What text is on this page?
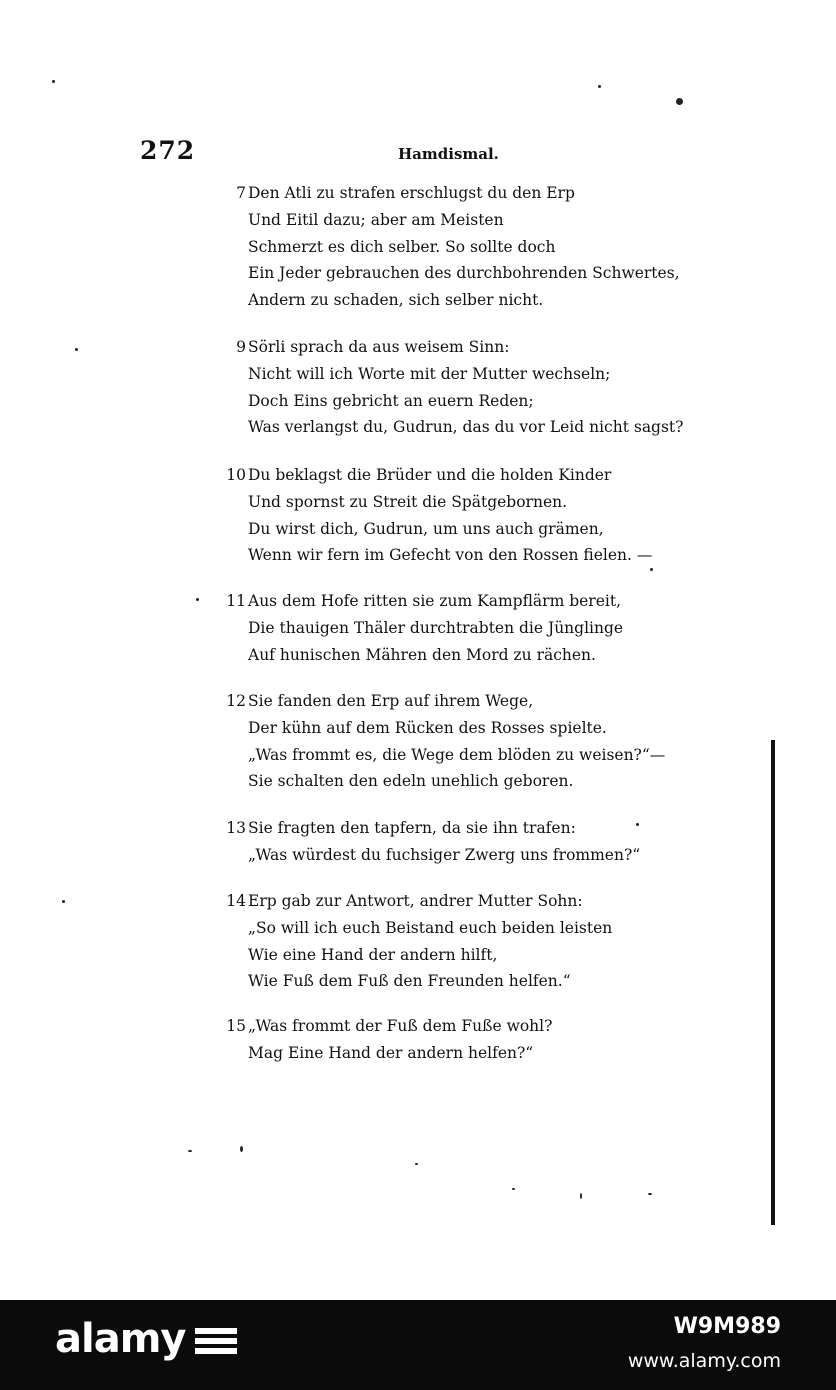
272	Hamdismal.
7 Den Atli zu strafen erschlugst du den Erp
Und Eitil dazu; aber am Meisten
Schmerzt es dich selber. So sollte doch
Ein Jeder gebrauchen des durchbohrenden Schwertes,
Andern zu schaden, sich selber nicht.
9 Sörli sprach da aus weisem Sinn:
Nicht will ich Worte mit der Mutter wechseln;
Doch Eins gebricht an euern Reden;
Was verlangst du, Gudrun, das du vor Leid nicht sagst?
10 Du beklagst die Brüder und die holden Kinder
Und spornst zu Streit die Spätgebornen.
Du wirst dich, Gudrun, um uns auch grämen,
Wenn wir fern im Gefecht von den Rossen fielen. —
11 Aus dem Hofe ritten sie zum Kampflärm bereit,
Die thauigen Thäler durchtrabten die Jünglinge
Auf hunischen Mähren den Mord zu rächen.
12 Sie fanden den Erp auf ihrem Wege,
Der kühn auf dem Rücken des Rosses spielte.
„Was frommt es, die Wege dem blöden zu weisen?“—
Sie schalten den edeln unehlich geboren.
13 Sie fragten den tapfern, da sie ihn trafen:
„Was würdest du fuchsiger Zwerg uns frommen?“
14 Erp gab zur Antwort, andrer Mutter Sohn:
„So will ich euch Beistand euch beiden leisten
Wie eine Hand der andern hilft,
Wie Fuß dem Fuß den Freunden helfen.“
15 „Was frommt der Fuß dem Fuße wohl?
Mag Eine Hand der andern helfen?“
alamy	W9M989
www.alamy.com
